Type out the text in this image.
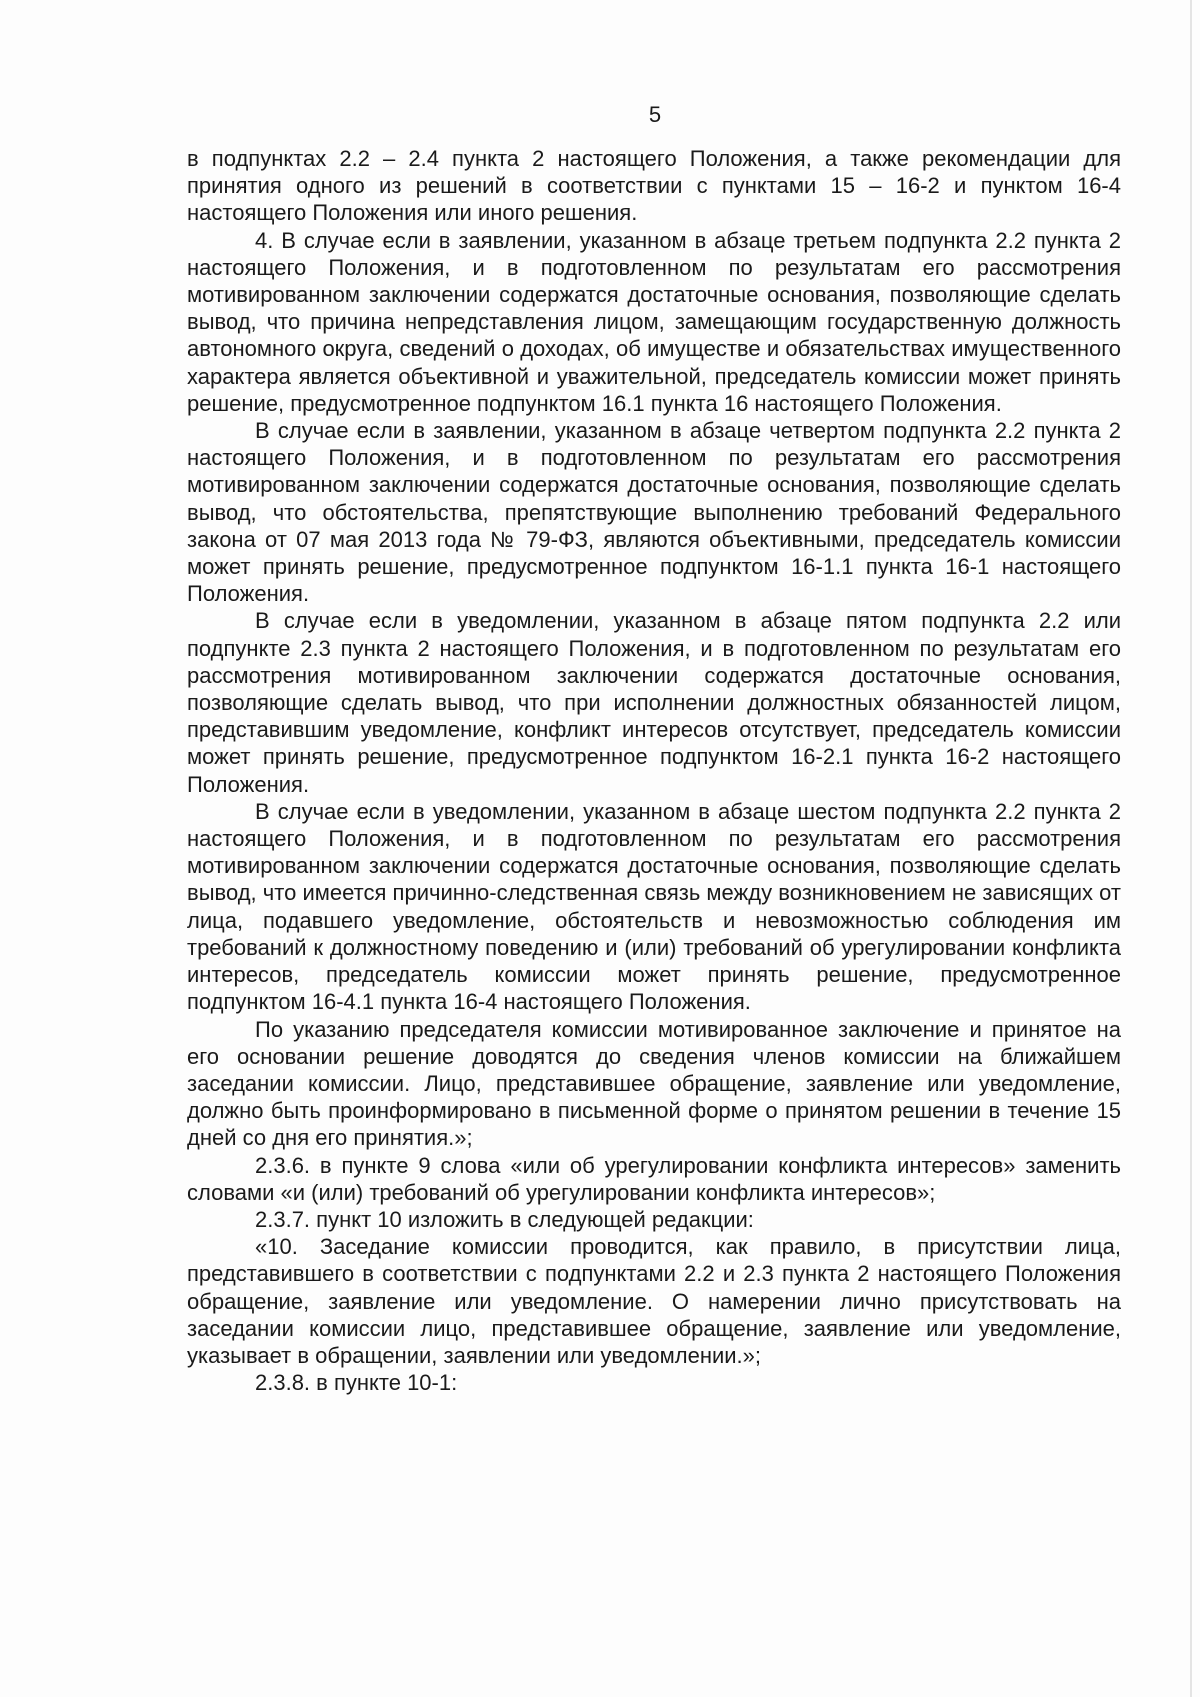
5

в подпунктах 2.2 – 2.4 пункта 2 настоящего Положения, а также рекомендации для принятия одного из решений в соответствии с пунктами 15 – 16-2 и пунктом 16-4 настоящего Положения или иного решения.

4. В случае если в заявлении, указанном в абзаце третьем подпункта 2.2 пункта 2 настоящего Положения, и в подготовленном по результатам его рассмотрения мотивированном заключении содержатся достаточные основания, позволяющие сделать вывод, что причина непредставления лицом, замещающим государственную должность автономного округа, сведений о доходах, об имуществе и обязательствах имущественного характера является объективной и уважительной, председатель комиссии может принять решение, предусмотренное подпунктом 16.1 пункта 16 настоящего Положения.

В случае если в заявлении, указанном в абзаце четвертом подпункта 2.2 пункта 2 настоящего Положения, и в подготовленном по результатам его рассмотрения мотивированном заключении содержатся достаточные основания, позволяющие сделать вывод, что обстоятельства, препятствующие выполнению требований Федерального закона от 07 мая 2013 года № 79-ФЗ, являются объективными, председатель комиссии может принять решение, предусмотренное подпунктом 16-1.1 пункта 16-1 настоящего Положения.

В случае если в уведомлении, указанном в абзаце пятом подпункта 2.2 или подпункте 2.3 пункта 2 настоящего Положения, и в подготовленном по результатам его рассмотрения мотивированном заключении содержатся достаточные основания, позволяющие сделать вывод, что при исполнении должностных обязанностей лицом, представившим уведомление, конфликт интересов отсутствует, председатель комиссии может принять решение, предусмотренное подпунктом 16-2.1 пункта 16-2 настоящего Положения.

В случае если в уведомлении, указанном в абзаце шестом подпункта 2.2 пункта 2 настоящего Положения, и в подготовленном по результатам его рассмотрения мотивированном заключении содержатся достаточные основания, позволяющие сделать вывод, что имеется причинно-следственная связь между возникновением не зависящих от лица, подавшего уведомление, обстоятельств и невозможностью соблюдения им требований к должностному поведению и (или) требований об урегулировании конфликта интересов, председатель комиссии может принять решение, предусмотренное подпунктом 16-4.1 пункта 16-4 настоящего Положения.

По указанию председателя комиссии мотивированное заключение и принятое на его основании решение доводятся до сведения членов комиссии на ближайшем заседании комиссии. Лицо, представившее обращение, заявление или уведомление, должно быть проинформировано в письменной форме о принятом решении в течение 15 дней со дня его принятия.»;

2.3.6. в пункте 9 слова «или об урегулировании конфликта интересов» заменить словами «и (или) требований об урегулировании конфликта интересов»;

2.3.7. пункт 10 изложить в следующей редакции:

«10. Заседание комиссии проводится, как правило, в присутствии лица, представившего в соответствии с подпунктами 2.2 и 2.3 пункта 2 настоящего Положения обращение, заявление или уведомление. О намерении лично присутствовать на заседании комиссии лицо, представившее обращение, заявление или уведомление, указывает в обращении, заявлении или уведомлении.»;

2.3.8. в пункте 10-1:
